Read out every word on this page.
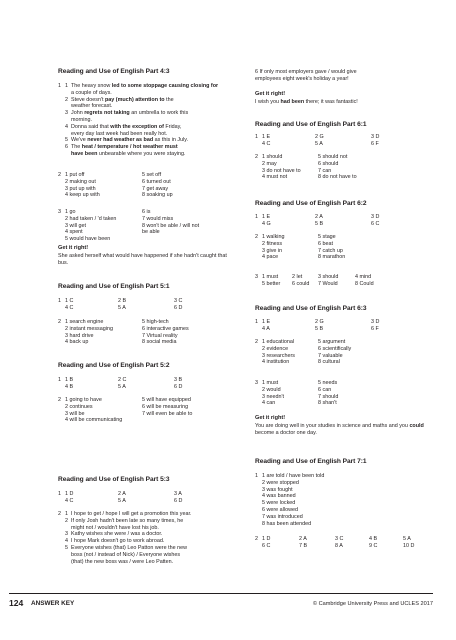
Reading and Use of English Part 4:3
1 1 The heavy snow led to some stoppage causing closing for
a couple of days.
2 Steve doesn't pay (much) attention to the
weather forecast.
3 John regrets not taking an umbrella to work this
morning.
4 Donna said that with the exception of Friday,
every day last week had been really hot.
5 We've never had weather as bad as this in July.
6 The heat / temperature / hot weather must
have been unbearable where you were staying.
2 1 put off	5 set off
2 making out	6 turned out
3 put up with	7 get away
4 keep up with	8 soaking up
3 1 go	6 is
2 had taken / 'd taken	7 would miss
3 will get	8 won't be able / will not
4 spent	be able
5 would have been
Get it right!
She asked herself what would have happened if she hadn't caught that bus.
Reading and Use of English Part 5:1
1 1 C	2 B	3 C
4 C	5 A	6 D
2 1 search engine	5 high-tech
2 instant messaging	6 interactive games
3 hard drive	7 Virtual reality
4 back up	8 social media
Reading and Use of English Part 5:2
1 1 B	2 C	3 B
4 B	5 A	6 D
2 1 going to have	5 will have equipped
2 continues	6 will be measuring
3 will be	7 will even be able to
4 will be communicating
Reading and Use of English Part 5:3
1 1 D	2 A	3 A
4 C	5 A	6 D
2 1 I hope to get / hope I will get a promotion this year.
2 If only Josh hadn't been late so many times, he
might not / wouldn't have lost his job.
3 Kathy wishes she were / was a doctor.
4 I hope Mark doesn't go to work abroad.
5 Everyone wishes (that) Leo Patton were the new
boss (not / instead of Nick) / Everyone wishes
(that) the new boss was / were Leo Patten.
6 If only most employers gave / would give
employees eight week's holiday a year!
Get it right!
I wish you had been there; it was fantastic!
Reading and Use of English Part 6:1
1 1 E	2 G	3 D
4 C	5 A	6 F
2 1 should	5 should not
2 may	6 should
3 do not have to	7 can
4 must not	8 do not have to
Reading and Use of English Part 6:2
1 1 E	2 A	3 D
4 G	5 B	6 C
2 1 walking	5 stage
2 fitness	6 beat
3 give in	7 catch up
4 pace	8 marathon
3 1 must	2 let	3 should	4 mind
5 better 6 could 7 Would	8 Could
Reading and Use of English Part 6:3
1 1 E	2 G	3 D
4 A	5 B	6 F
2 1 educational	5 argument
2 evidence	6 scientifically
3 researchers	7 valuable
4 institution	8 cultural
3 1 must	5 needs
2 would	6 can
3 needn't	7 should
4 can	8 shan't
Get it right!
You are doing well in your studies in science and maths and you could become a doctor one day.
Reading and Use of English Part 7:1
1 1 are told / have been told
2 were stopped
3 was fought
4 was banned
5 were locked
6 were allowed
7 was introduced
8 has been attended
2 1 D	2 A	3 C	4 B	5 A
6 C	7 B	8 A	9 C	10 D
124 ANSWER KEY	© Cambridge University Press and UCLES 2017
